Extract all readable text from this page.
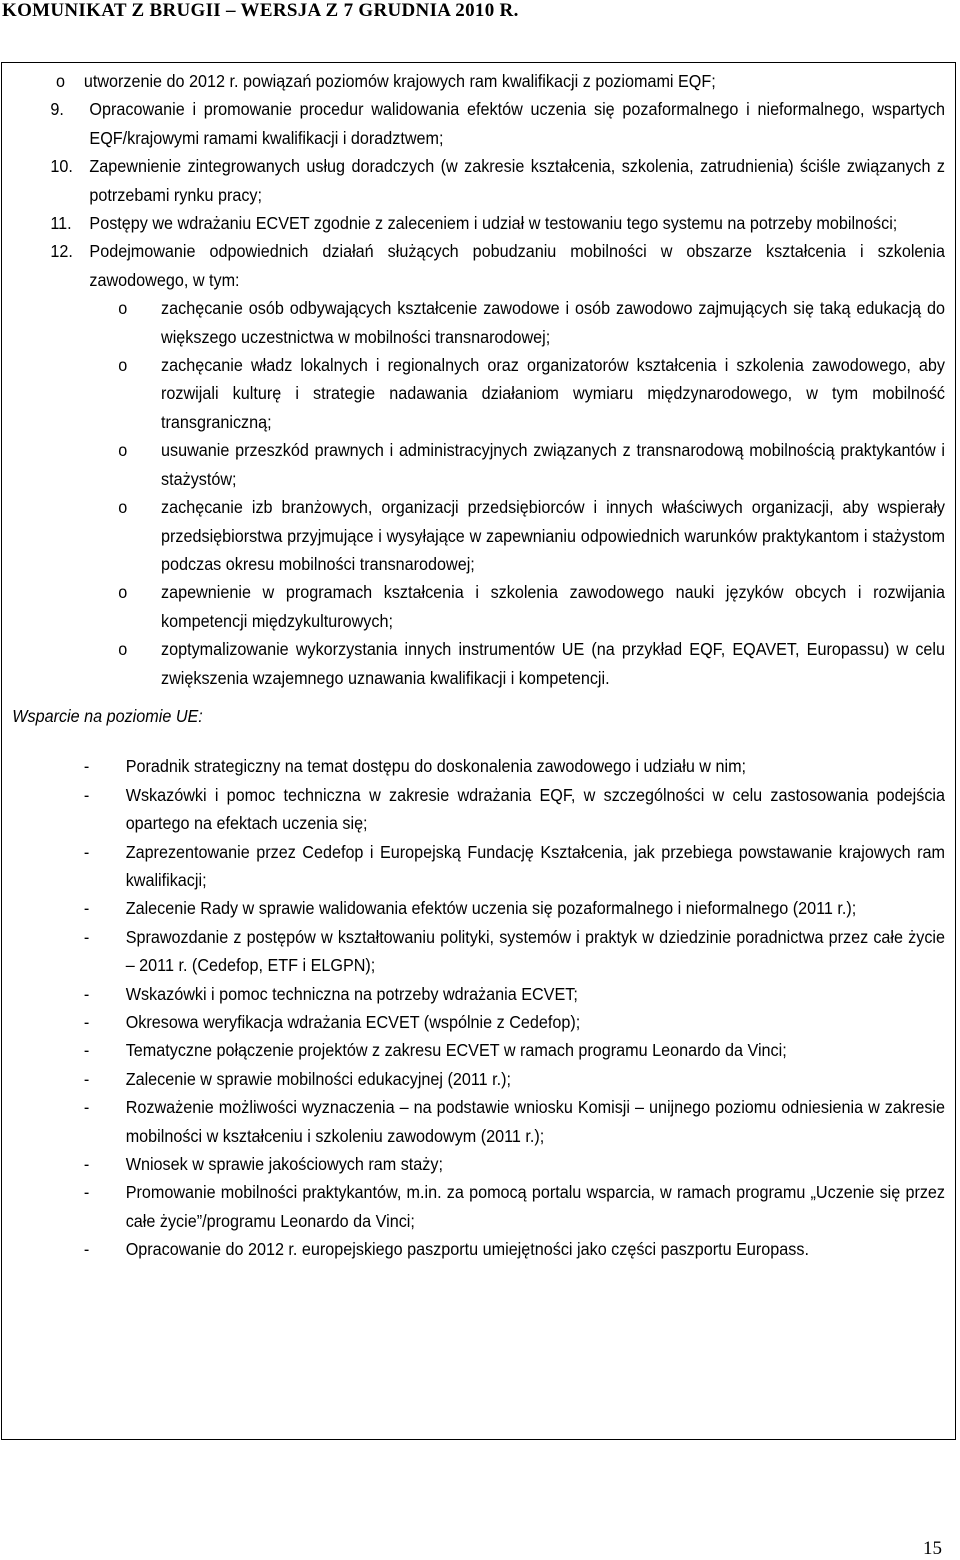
KOMUNIKAT Z BRUGII – WERSJA Z 7 GRUDNIA 2010 R.
o utworzenie do 2012 r. powiązań poziomów krajowych ram kwalifikacji z poziomami EQF;
9. Opracowanie i promowanie procedur walidowania efektów uczenia się pozaformalnego i nieformalnego, wspartych EQF/krajowymi ramami kwalifikacji i doradztwem;
10. Zapewnienie zintegrowanych usług doradczych (w zakresie kształcenia, szkolenia, zatrudnienia) ściśle związanych z potrzebami rynku pracy;
11. Postępy we wdrażaniu ECVET zgodnie z zaleceniem i udział w testowaniu tego systemu na potrzeby mobilności;
12. Podejmowanie odpowiednich działań służących pobudzaniu mobilności w obszarze kształcenia i szkolenia zawodowego, w tym:
o zachęcanie osób odbywających kształcenie zawodowe i osób zawodowo zajmujących się taką edukacją do większego uczestnictwa w mobilności transnarodowej;
o zachęcanie władz lokalnych i regionalnych oraz organizatorów kształcenia i szkolenia zawodowego, aby rozwijali kulturę i strategie nadawania działaniom wymiaru międzynarodowego, w tym mobilność transgraniczną;
o usuwanie przeszkód prawnych i administracyjnych związanych z transnarodową mobilnością praktykantów i stażystów;
o zachęcanie izb branżowych, organizacji przedsiębiorców i innych właściwych organizacji, aby wspierały przedsiębiorstwa przyjmujące i wysyłające w zapewnianiu odpowiednich warunków praktykantom i stażystom podczas okresu mobilności transnarodowej;
o zapewnienie w programach kształcenia i szkolenia zawodowego nauki języków obcych i rozwijania kompetencji międzykulturowych;
o zoptymalizowanie wykorzystania innych instrumentów UE (na przykład EQF, EQAVET, Europassu) w celu zwiększenia wzajemnego uznawania kwalifikacji i kompetencji.
Wsparcie na poziomie UE:
- Poradnik strategiczny na temat dostępu do doskonalenia zawodowego i udziału w nim;
- Wskazówki i pomoc techniczna w zakresie wdrażania EQF, w szczególności w celu zastosowania podejścia opartego na efektach uczenia się;
- Zaprezentowanie przez Cedefop i Europejską Fundację Kształcenia, jak przebiega powstawanie krajowych ram kwalifikacji;
- Zalecenie Rady w sprawie walidowania efektów uczenia się pozaformalnego i nieformalnego (2011 r.);
- Sprawozdanie z postępów w kształtowaniu polityki, systemów i praktyk w dziedzinie poradnictwa przez całe życie – 2011 r. (Cedefop, ETF i ELGPN);
- Wskazówki i pomoc techniczna na potrzeby wdrażania ECVET;
- Okresowa weryfikacja wdrażania ECVET (wspólnie z Cedefop);
- Tematyczne połączenie projektów z zakresu ECVET w ramach programu Leonardo da Vinci;
- Zalecenie w sprawie mobilności edukacyjnej (2011 r.);
- Rozważenie możliwości wyznaczenia – na podstawie wniosku Komisji – unijnego poziomu odniesienia w zakresie mobilności w kształceniu i szkoleniu zawodowym (2011 r.);
- Wniosek w sprawie jakościowych ram staży;
- Promowanie mobilności praktykantów, m.in. za pomocą portalu wsparcia, w ramach programu „Uczenie się przez całe życie”/programu Leonardo da Vinci;
- Opracowanie do 2012 r. europejskiego paszportu umiejętności jako części paszportu Europass.
15
